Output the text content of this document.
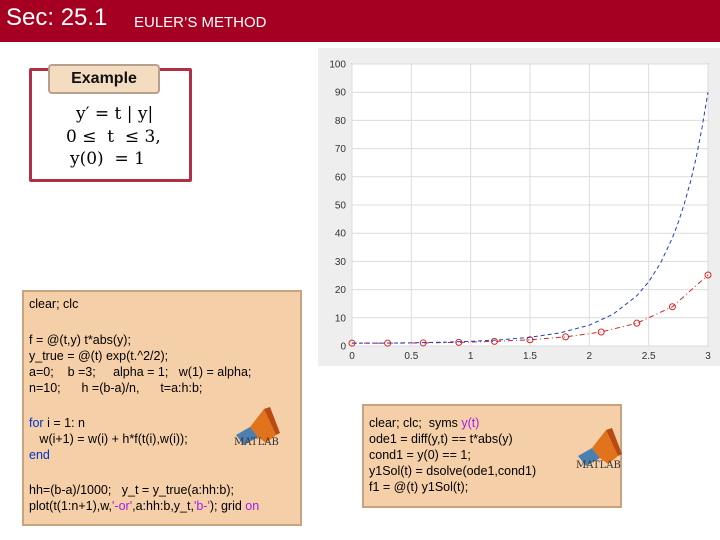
Sec: 25.1 EULER’S METHOD
Example
y′ = t | y|
0 ≤  t  ≤ 3,
y(0)  = 1
clear; clc
f = @(t,y) t*abs(y);
y_true = @(t) exp(t.^2/2);
a=0;    b =3;     alpha = 1;   w(1) = alpha;
n=10;      h =(b-a)/n,      t=a:h:b;
for i = 1: n
w(i+1) = w(i) + h*f(t(i),w(i));
end
hh=(b-a)/1000;   y_t = y_true(a:hh:b);
plot(t(1:n+1),w,'-or',a:hh:b,y_t,'b-'); grid on
MATLAB
0	0.5	1	1.5	2	2.5	3
0
10
20
30
40
50
60
70
80
90
100
clear; clc;  syms y(t)
ode1 = diff(y,t) == t*abs(y)
cond1 = y(0) == 1;
y1Sol(t) = dsolve(ode1,cond1)
f1 = @(t) y1Sol(t);
MATLAB
